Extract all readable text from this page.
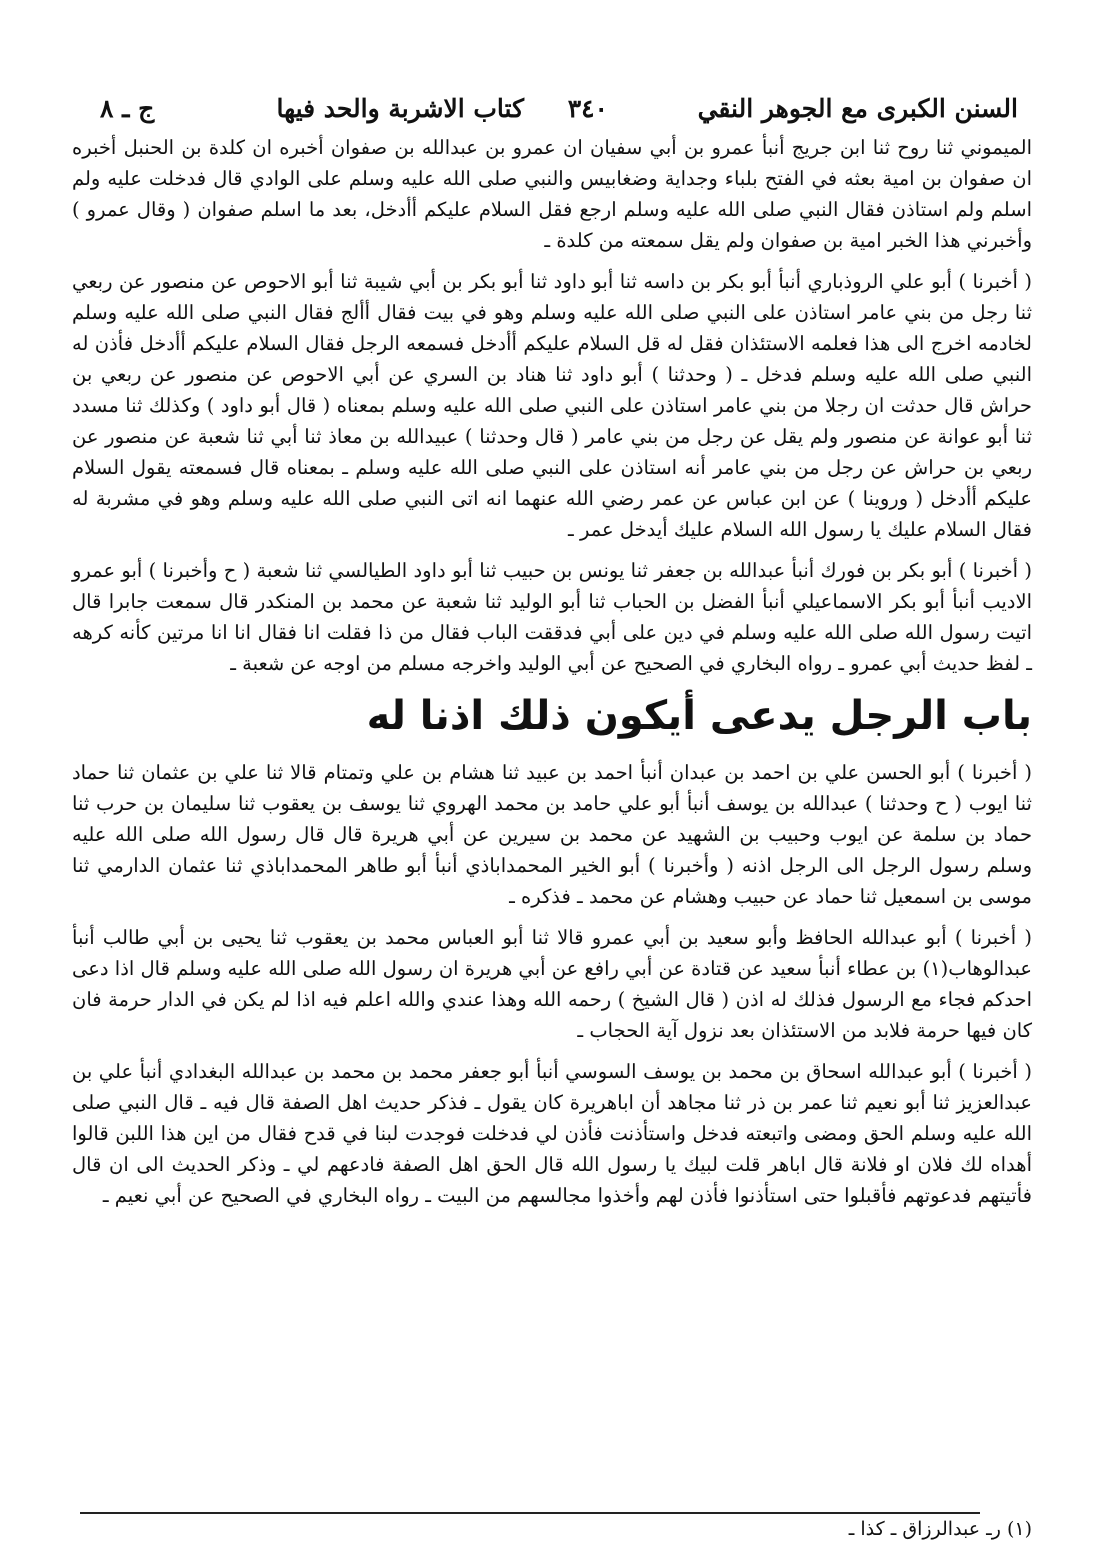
السنن الكبرى مع الجوهر النقي
٣٤٠
كتاب الاشربة والحد فيها
ج ـ ٨

الميموني ثنا روح ثنا ابن جريج أنبأ عمرو بن أبي سفيان ان عمرو بن عبدالله بن صفوان أخبره ان كلدة بن الحنبل أخبره ان صفوان بن امية بعثه في الفتح بلباء وجداية وضغابيس والنبي صلى الله عليه وسلم على الوادي قال فدخلت عليه ولم اسلم ولم استاذن فقال النبي صلى الله عليه وسلم ارجع فقل السلام عليكم أأدخل، بعد ما اسلم صفوان ( وقال عمرو ) وأخبرني هذا الخبر امية بن صفوان ولم يقل سمعته من كلدة ـ

( أخبرنا ) أبو علي الروذباري أنبأ أبو بكر بن داسه ثنا أبو داود ثنا أبو بكر بن أبي شيبة ثنا أبو الاحوص عن منصور عن ربعي ثنا رجل من بني عامر استاذن على النبي صلى الله عليه وسلم وهو في بيت فقال أألج فقال النبي صلى الله عليه وسلم لخادمه اخرج الى هذا فعلمه الاستئذان فقل له قل السلام عليكم أأدخل فسمعه الرجل فقال السلام عليكم أأدخل فأذن له النبي صلى الله عليه وسلم فدخل ـ ( وحدثنا ) أبو داود ثنا هناد بن السري عن أبي الاحوص عن منصور عن ربعي بن حراش قال حدثت ان رجلا من بني عامر استاذن على النبي صلى الله عليه وسلم بمعناه ( قال أبو داود ) وكذلك ثنا مسدد ثنا أبو عوانة عن منصور ولم يقل عن رجل من بني عامر ( قال وحدثنا ) عبيدالله بن معاذ ثنا أبي ثنا شعبة عن منصور عن ربعي بن حراش عن رجل من بني عامر أنه استاذن على النبي صلى الله عليه وسلم ـ بمعناه قال فسمعته يقول السلام عليكم أأدخل ( وروينا ) عن ابن عباس عن عمر رضي الله عنهما انه اتى النبي صلى الله عليه وسلم وهو في مشربة له فقال السلام عليك يا رسول الله السلام عليك أيدخل عمر ـ

( أخبرنا ) أبو بكر بن فورك أنبأ عبدالله بن جعفر ثنا يونس بن حبيب ثنا أبو داود الطيالسي ثنا شعبة ( ح وأخبرنا ) أبو عمرو الاديب أنبأ أبو بكر الاسماعيلي أنبأ الفضل بن الحباب ثنا أبو الوليد ثنا شعبة عن محمد بن المنكدر قال سمعت جابرا قال اتيت رسول الله صلى الله عليه وسلم في دين على أبي فدققت الباب فقال من ذا فقلت انا فقال انا انا مرتين كأنه كرهه ـ لفظ حديث أبي عمرو ـ رواه البخاري في الصحيح عن أبي الوليد واخرجه مسلم من اوجه عن شعبة ـ

باب الرجل يدعى أيكون ذلك اذنا له

( أخبرنا ) أبو الحسن علي بن احمد بن عبدان أنبأ احمد بن عبيد ثنا هشام بن علي وتمتام قالا ثنا علي بن عثمان ثنا حماد ثنا ايوب ( ح وحدثنا ) عبدالله بن يوسف أنبأ أبو علي حامد بن محمد الهروي ثنا يوسف بن يعقوب ثنا سليمان بن حرب ثنا حماد بن سلمة عن ايوب وحبيب بن الشهيد عن محمد بن سيرين عن أبي هريرة قال قال رسول الله صلى الله عليه وسلم رسول الرجل الى الرجل اذنه ( وأخبرنا ) أبو الخير المحمداباذي أنبأ أبو طاهر المحمداباذي ثنا عثمان الدارمي ثنا موسى بن اسمعيل ثنا حماد عن حبيب وهشام عن محمد ـ فذكره ـ

( أخبرنا ) أبو عبدالله الحافظ وأبو سعيد بن أبي عمرو قالا ثنا أبو العباس محمد بن يعقوب ثنا يحيى بن أبي طالب أنبأ عبدالوهاب(١) بن عطاء أنبأ سعيد عن قتادة عن أبي رافع عن أبي هريرة ان رسول الله صلى الله عليه وسلم قال اذا دعى احدكم فجاء مع الرسول فذلك له اذن ( قال الشيخ ) رحمه الله وهذا عندي والله اعلم فيه اذا لم يكن في الدار حرمة فان كان فيها حرمة فلابد من الاستئذان بعد نزول آية الحجاب ـ

( أخبرنا ) أبو عبدالله اسحاق بن محمد بن يوسف السوسي أنبأ أبو جعفر محمد بن محمد بن عبدالله البغدادي أنبأ علي بن عبدالعزيز ثنا أبو نعيم ثنا عمر بن ذر ثنا مجاهد أن اباهريرة كان يقول ـ فذكر حديث اهل الصفة قال فيه ـ قال النبي صلى الله عليه وسلم الحق ومضى واتبعته فدخل واستأذنت فأذن لي فدخلت فوجدت لبنا في قدح فقال من اين هذا اللبن قالوا أهداه لك فلان او فلانة قال اباهر قلت لبيك يا رسول الله قال الحق اهل الصفة فادعهم لي ـ وذكر الحديث الى ان قال فأتيتهم فدعوتهم فأقبلوا حتى استأذنوا فأذن لهم وأخذوا مجالسهم من البيت ـ رواه البخاري في الصحيح عن أبي نعيم ـ

(١) رـ عبدالرزاق ـ كذا ـ
